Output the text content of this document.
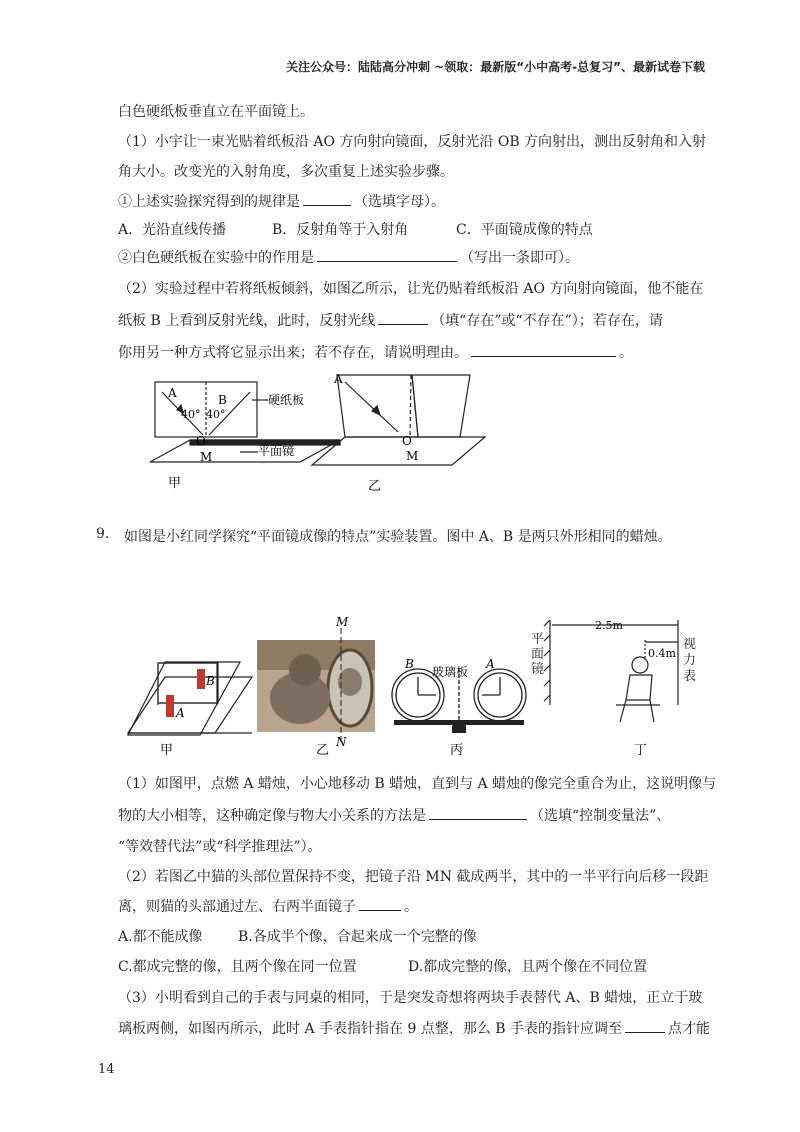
关注公众号：陆陆高分冲刺 ~领取：最新版“小中高考-总复习”、最新试卷下载
白色硬纸板垂直立在平面镜上。
（1）小宇让一束光贴着纸板沿 AO 方向射向镜面，反射光沿 OB 方向射出，测出反射角和入射
角大小。改变光的入射角度，多次重复上述实验步骤。
①上述实验探究得到的规律是	（选填字母）。
A．光沿直线传播	B．反射角等于入射角	C．平面镜成像的特点
②白色硬纸板在实验中的作用是	（写出一条即可）。
（2）实验过程中若将纸板倾斜，如图乙所示，让光仍贴着纸板沿 AO 方向射向镜面，他不能在
纸板 B 上看到反射光线，此时，反射光线	（填“存在”或“不存在”）；若存在，请
你用另一种方式将它显示出来；若不存在，请说明理由。	。
A	B
40° 40°
O
M
硬纸板
平面镜
甲
A
O
M
乙
9. 如图是小红同学探究“平面镜成像的特点”实验装置。图中 A、B 是两只外形相同的蜡烛。
A
B
甲
M
N
乙
B	A
玻璃板
丙
2.5m
0.4m
丁
平面镜
视力表
（1）如图甲，点燃 A 蜡烛，小心地移动 B 蜡烛，直到与 A 蜡烛的像完全重合为止，这说明像与
物的大小相等，这种确定像与物大小关系的方法是	（选填“控制变量法”、
“等效替代法”或“科学推理法”）。
（2）若图乙中猫的头部位置保持不变，把镜子沿 MN 截成两半，其中的一半平行向后移一段距
离，则猫的头部通过左、右两半面镜子	。
A.都不能成像	B.各成半个像，合起来成一个完整的像
C.都成完整的像，且两个像在同一位置	D.都成完整的像，且两个像在不同位置
（3）小明看到自己的手表与同桌的相同，于是突发奇想将两块手表替代 A、B 蜡烛，正立于玻
璃板两侧，如图丙所示，此时 A 手表指针指在 9 点整，那么 B 手表的指针应调至	点才能
14
